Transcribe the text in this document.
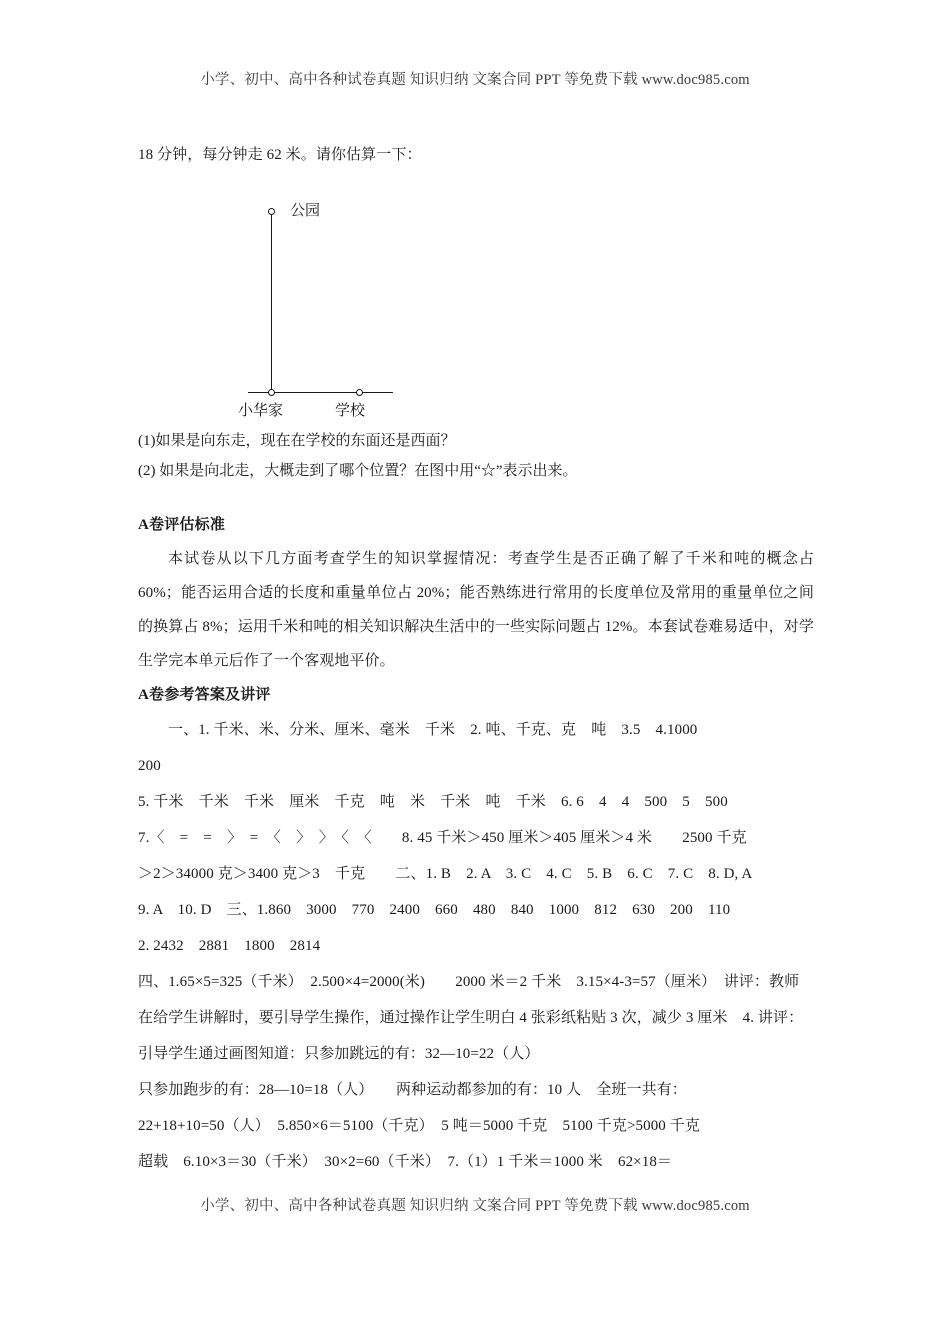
小学、初中、高中各种试卷真题 知识归纳 文案合同 PPT 等免费下载 www.doc985.com

18 分钟，每分钟走 62 米。请你估算一下：

(1)如果是向东走，现在在学校的东面还是西面？

(2) 如果是向北走，大概走到了哪个位置？在图中用“☆”表示出来。

A卷评估标准

本试卷从以下几方面考查学生的知识掌握情况：考查学生是否正确了解了千米和吨的概念占 60%；能否运用合适的长度和重量单位占 20%；能否熟练进行常用的长度单位及常用的重量单位之间的换算占 8%；运用千米和吨的相关知识解决生活中的一些实际问题占 12%。本套试卷难易适中，对学生学完本单元后作了一个客观地平价。

A卷参考答案及讲评

一、1. 千米、米、分米、厘米、毫米　千米　2. 吨、千克、克　吨　3.5　4.1000

200

5. 千米　千米　千米　厘米　千克　吨　米　千米　吨　千米　6. 6　4　4　500　5　500

7.〈　=　=　〉　=　〈　〉　〉　〈　〈　　8. 45 千米＞450 厘米＞405 厘米＞4 米　　2500 千克

＞2＞34000 克＞3400 克＞3　千克　　二、1. B　2. A　3. C　4. C　5. B　6. C　7. C　8. D, A

9. A　10. D　三、1.860　3000　770　2400　660　480　840　1000　812　630　200　110

2. 2432　2881　1800　2814

四、1.65×5=325（千米）　2.500×4=2000(米)　　2000 米＝2 千米　3.15×4-3=57（厘米）　讲评：教师在给学生讲解时，要引导学生操作，通过操作让学生明白 4 张彩纸粘贴 3 次，减少 3 厘米　4. 讲评：引导学生通过画图知道：只参加跳远的有：32—10=22（人）

只参加跑步的有：28—10=18（人）　　两种运动都参加的有：10 人　全班一共有：

22+18+10=50（人）　5.850×6＝5100（千克）　5 吨＝5000 千克　5100 千克>5000 千克

超载　6.10×3＝30（千米）　30×2=60（千米）　7.（1）1 千米＝1000 米　62×18＝

公园
小华家	学校
小学、初中、高中各种试卷真题 知识归纳 文案合同 PPT 等免费下载 www.doc985.com
